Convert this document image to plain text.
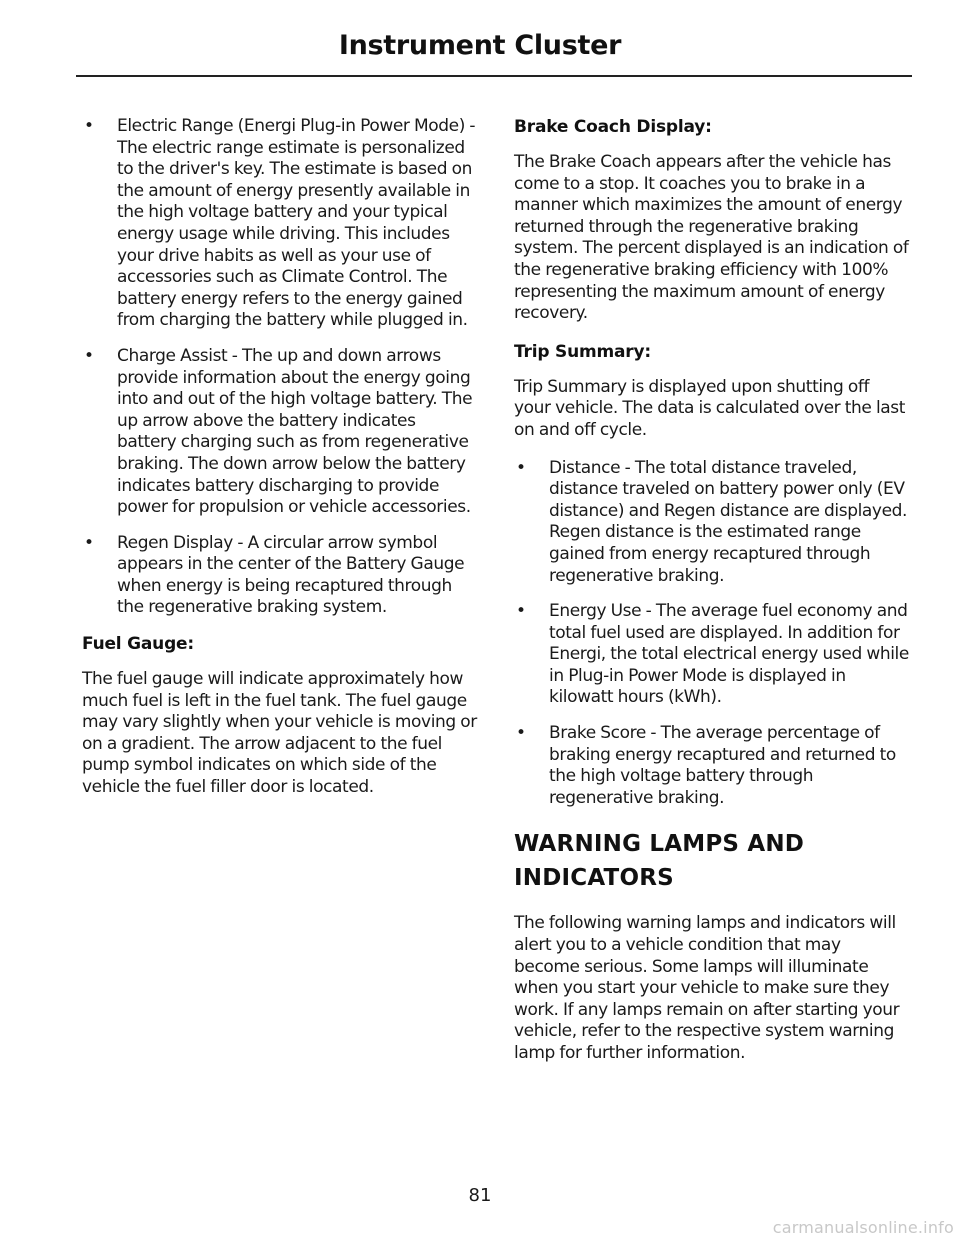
Instrument Cluster
• Electric Range (Energi Plug-in Power Mode) - The electric range estimate is personalized to the driver's key. The estimate is based on the amount of energy presently available in the high voltage battery and your typical energy usage while driving. This includes your drive habits as well as your use of accessories such as Climate Control. The battery energy refers to the energy gained from charging the battery while plugged in.
• Charge Assist - The up and down arrows provide information about the energy going into and out of the high voltage battery. The up arrow above the battery indicates battery charging such as from regenerative braking. The down arrow below the battery indicates battery discharging to provide power for propulsion or vehicle accessories.
• Regen Display - A circular arrow symbol appears in the center of the Battery Gauge when energy is being recaptured through the regenerative braking system.
Fuel Gauge:

The fuel gauge will indicate approximately how much fuel is left in the fuel tank. The fuel gauge may vary slightly when your vehicle is moving or on a gradient. The arrow adjacent to the fuel pump symbol indicates on which side of the vehicle the fuel filler door is located.

Brake Coach Display:

The Brake Coach appears after the vehicle has come to a stop. It coaches you to brake in a manner which maximizes the amount of energy returned through the regenerative braking system. The percent displayed is an indication of the regenerative braking efficiency with 100% representing the maximum amount of energy recovery.

Trip Summary:

Trip Summary is displayed upon shutting off your vehicle. The data is calculated over the last on and off cycle.

• Distance - The total distance traveled, distance traveled on battery power only (EV distance) and Regen distance are displayed. Regen distance is the estimated range gained from energy recaptured through regenerative braking.
• Energy Use - The average fuel economy and total fuel used are displayed. In addition for Energi, the total electrical energy used while in Plug-in Power Mode is displayed in kilowatt hours (kWh).
• Brake Score - The average percentage of braking energy recaptured and returned to the high voltage battery through regenerative braking.
WARNING LAMPS AND
INDICATORS

The following warning lamps and indicators will alert you to a vehicle condition that may become serious. Some lamps will illuminate when you start your vehicle to make sure they work. If any lamps remain on after starting your vehicle, refer to the respective system warning lamp for further information.

81
carmanualsonline.info
